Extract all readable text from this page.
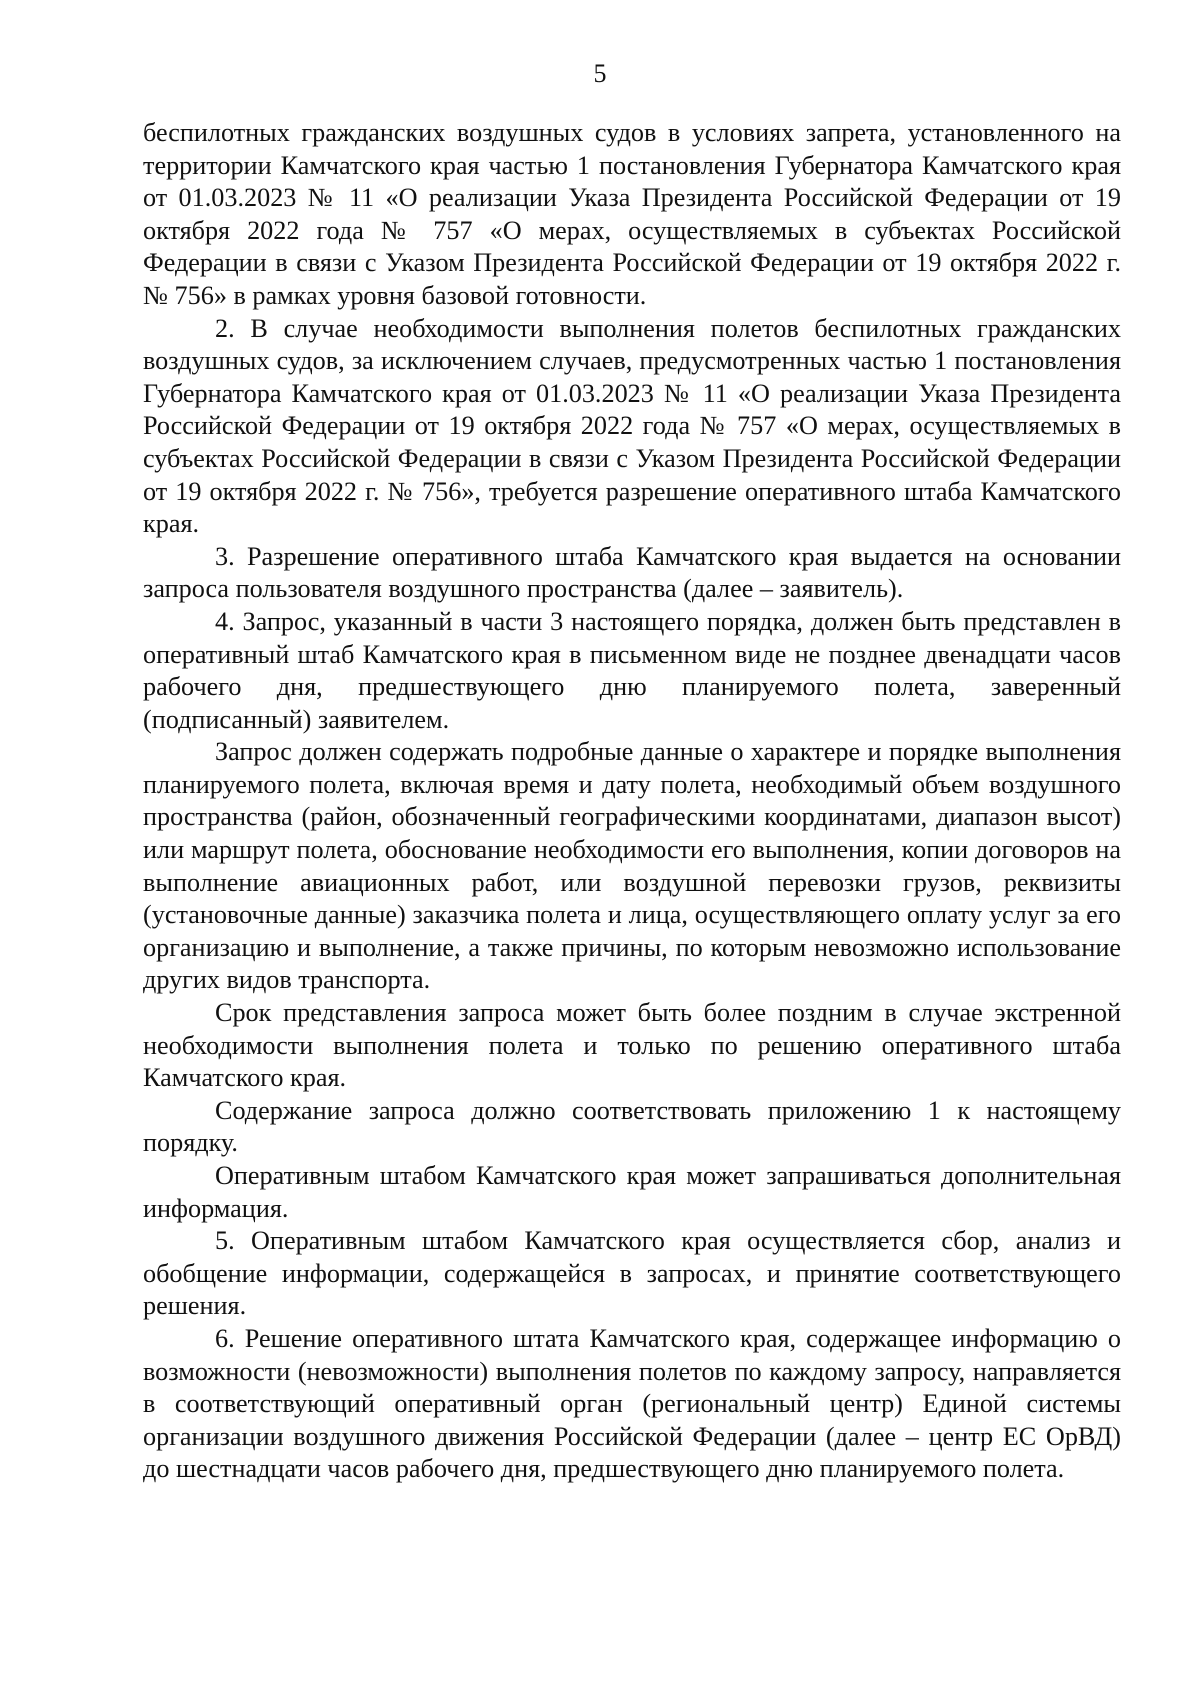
5

беспилотных гражданских воздушных судов в условиях запрета, установленного на территории Камчатского края частью 1 постановления Губернатора Камчатского края от 01.03.2023 № 11 «О реализации Указа Президента Российской Федерации от 19 октября 2022 года № 757 «О мерах, осуществляемых в субъектах Российской Федерации в связи с Указом Президента Российской Федерации от 19 октября 2022 г. № 756» в рамках уровня базовой готовности.

2. В случае необходимости выполнения полетов беспилотных гражданских воздушных судов, за исключением случаев, предусмотренных частью 1 постановления Губернатора Камчатского края от 01.03.2023 № 11 «О реализации Указа Президента Российской Федерации от 19 октября 2022 года № 757 «О мерах, осуществляемых в субъектах Российской Федерации в связи с Указом Президента Российской Федерации от 19 октября 2022 г. № 756», требуется разрешение оперативного штаба Камчатского края.

3. Разрешение оперативного штаба Камчатского края выдается на основании запроса пользователя воздушного пространства (далее – заявитель).

4. Запрос, указанный в части 3 настоящего порядка, должен быть представлен в оперативный штаб Камчатского края в письменном виде не позднее двенадцати часов рабочего дня, предшествующего дню планируемого полета, заверенный (подписанный) заявителем.

Запрос должен содержать подробные данные о характере и порядке выполнения планируемого полета, включая время и дату полета, необходимый объем воздушного пространства (район, обозначенный географическими координатами, диапазон высот) или маршрут полета, обоснование необходимости его выполнения, копии договоров на выполнение авиационных работ, или воздушной перевозки грузов, реквизиты (установочные данные) заказчика полета и лица, осуществляющего оплату услуг за его организацию и выполнение, а также причины, по которым невозможно использование других видов транспорта.

Срок представления запроса может быть более поздним в случае экстренной необходимости выполнения полета и только по решению оперативного штаба Камчатского края.

Содержание запроса должно соответствовать приложению 1 к настоящему порядку.

Оперативным штабом Камчатского края может запрашиваться дополнительная информация.

5. Оперативным штабом Камчатского края осуществляется сбор, анализ и обобщение информации, содержащейся в запросах, и принятие соответствующего решения.

6. Решение оперативного штата Камчатского края, содержащее информацию о возможности (невозможности) выполнения полетов по каждому запросу, направляется в соответствующий оперативный орган (региональный центр) Единой системы организации воздушного движения Российской Федерации (далее – центр ЕС ОрВД) до шестнадцати часов рабочего дня, предшествующего дню планируемого полета.
